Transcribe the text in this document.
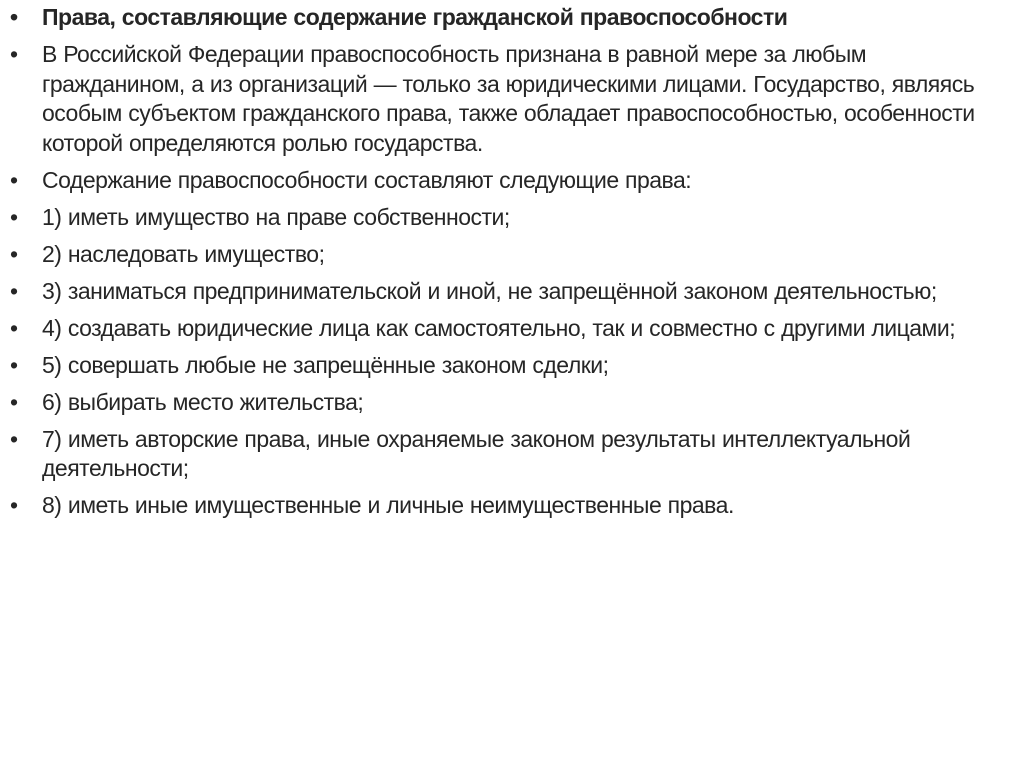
•	Права, составляющие содержание гражданской правоспособности
•	В Российской Федерации правоспособность признана в равной мере за любым гражданином, а из организаций — только за юридическими лицами. Государство, являясь особым субъектом гражданского права, также обладает правоспособностью, особенности которой определяются ролью государства.
•	Содержание правоспособности составляют следующие права:
•	1) иметь имущество на праве собственности;
•	2) наследовать имущество;
•	3) заниматься предпринимательской и иной, не запрещённой законом деятельностью;
•	4) создавать юридические лица как самостоятельно, так и совместно с другими лицами;
•	5) совершать любые не запрещённые законом сделки;
•	6) выбирать место жительства;
•	7) иметь авторские права, иные охраняемые законом результаты интеллектуальной деятельности;
•	8) иметь иные имущественные и личные неимущественные права.
